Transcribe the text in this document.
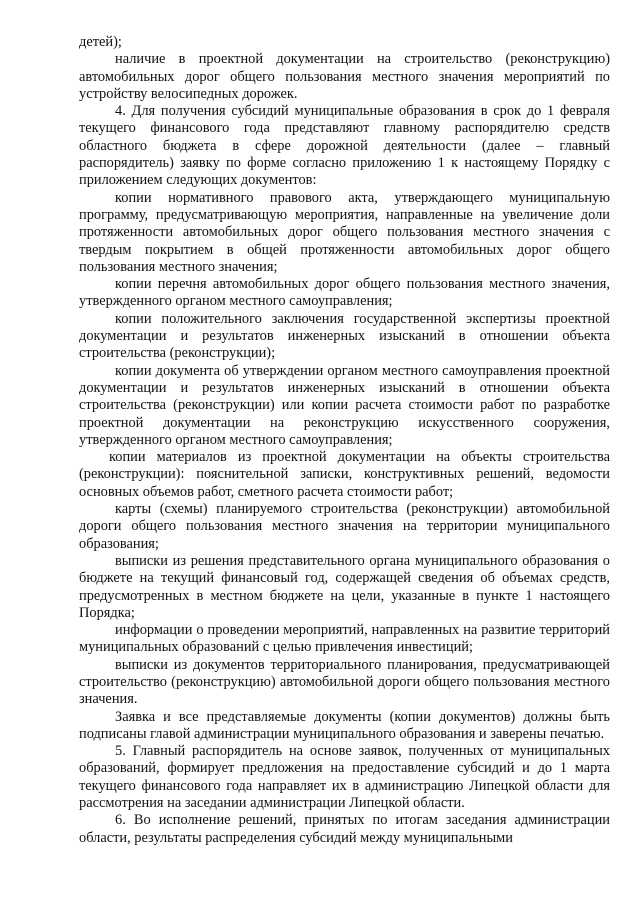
детей);

наличие в проектной документации на строительство (реконструкцию) автомобильных дорог общего пользования местного значения мероприятий по устройству велосипедных дорожек.

4. Для получения субсидий муниципальные образования в срок до 1 февраля текущего финансового года представляют главному распорядителю средств областного бюджета в сфере дорожной деятельности (далее – главный распорядитель) заявку по форме согласно приложению 1 к настоящему Порядку с приложением следующих документов:

копии нормативного правового акта, утверждающего муниципальную программу, предусматривающую мероприятия, направленные на увеличение доли протяженности автомобильных дорог общего пользования местного значения с твердым покрытием в общей протяженности автомобильных дорог общего пользования местного значения;

копии перечня автомобильных дорог общего пользования местного значения, утвержденного органом местного самоуправления;

копии положительного заключения государственной экспертизы проектной документации и результатов инженерных изысканий в отношении объекта строительства (реконструкции);

копии документа об утверждении органом местного самоуправления проектной документации и результатов инженерных изысканий в отношении объекта строительства (реконструкции) или копии расчета стоимости работ по разработке проектной документации на реконструкцию искусственного сооружения, утвержденного органом местного самоуправления;

копии материалов из проектной документации на объекты строительства (реконструкции): пояснительной записки, конструктивных решений, ведомости основных объемов работ, сметного расчета стоимости работ;

карты (схемы) планируемого строительства (реконструкции) автомобильной дороги общего пользования местного значения на территории муниципального образования;

выписки из решения представительного органа муниципального образования о бюджете на текущий финансовый год, содержащей сведения об объемах средств, предусмотренных в местном бюджете на цели, указанные в пункте 1 настоящего Порядка;

информации о проведении мероприятий, направленных на развитие территорий муниципальных образований с целью привлечения инвестиций;

выписки из документов территориального планирования, предусматривающей строительство (реконструкцию) автомобильной дороги общего пользования местного значения.

Заявка и все представляемые документы (копии документов) должны быть подписаны главой администрации муниципального образования и заверены печатью.

5. Главный распорядитель на основе заявок, полученных от муниципальных образований, формирует предложения на предоставление субсидий и до 1 марта текущего финансового года направляет их в администрацию Липецкой области для рассмотрения на заседании администрации Липецкой области.

6. Во исполнение решений, принятых по итогам заседания администрации области, результаты распределения субсидий между муниципальными
